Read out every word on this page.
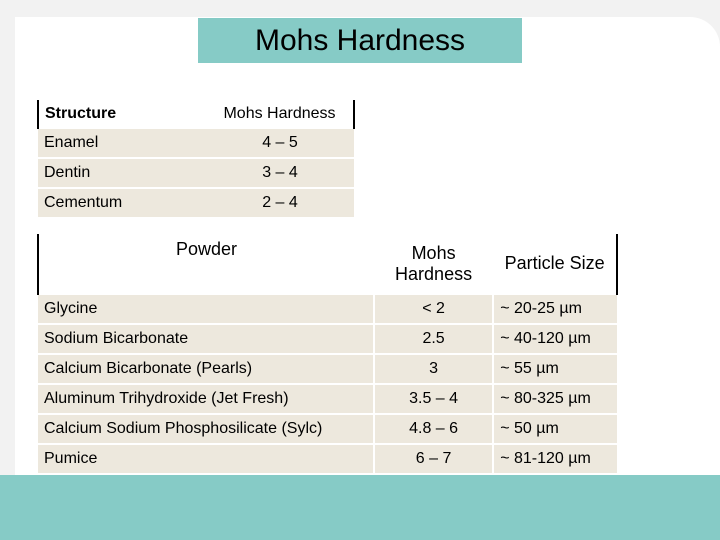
Mohs Hardness
Structure	Mohs Hardness
Enamel	4 – 5
Dentin	3 – 4
Cementum	2 – 4
Powder	Mohs Hardness	Particle Size
Glycine	< 2	~ 20-25 µm
Sodium Bicarbonate	2.5	~ 40-120 µm
Calcium Bicarbonate (Pearls)	3	~ 55 µm
Aluminum Trihydroxide (Jet Fresh)	3.5 – 4	~ 80-325 µm
Calcium Sodium Phosphosilicate (Sylc)	4.8 – 6	~ 50 µm
Pumice	6 – 7	~ 81-120 µm
